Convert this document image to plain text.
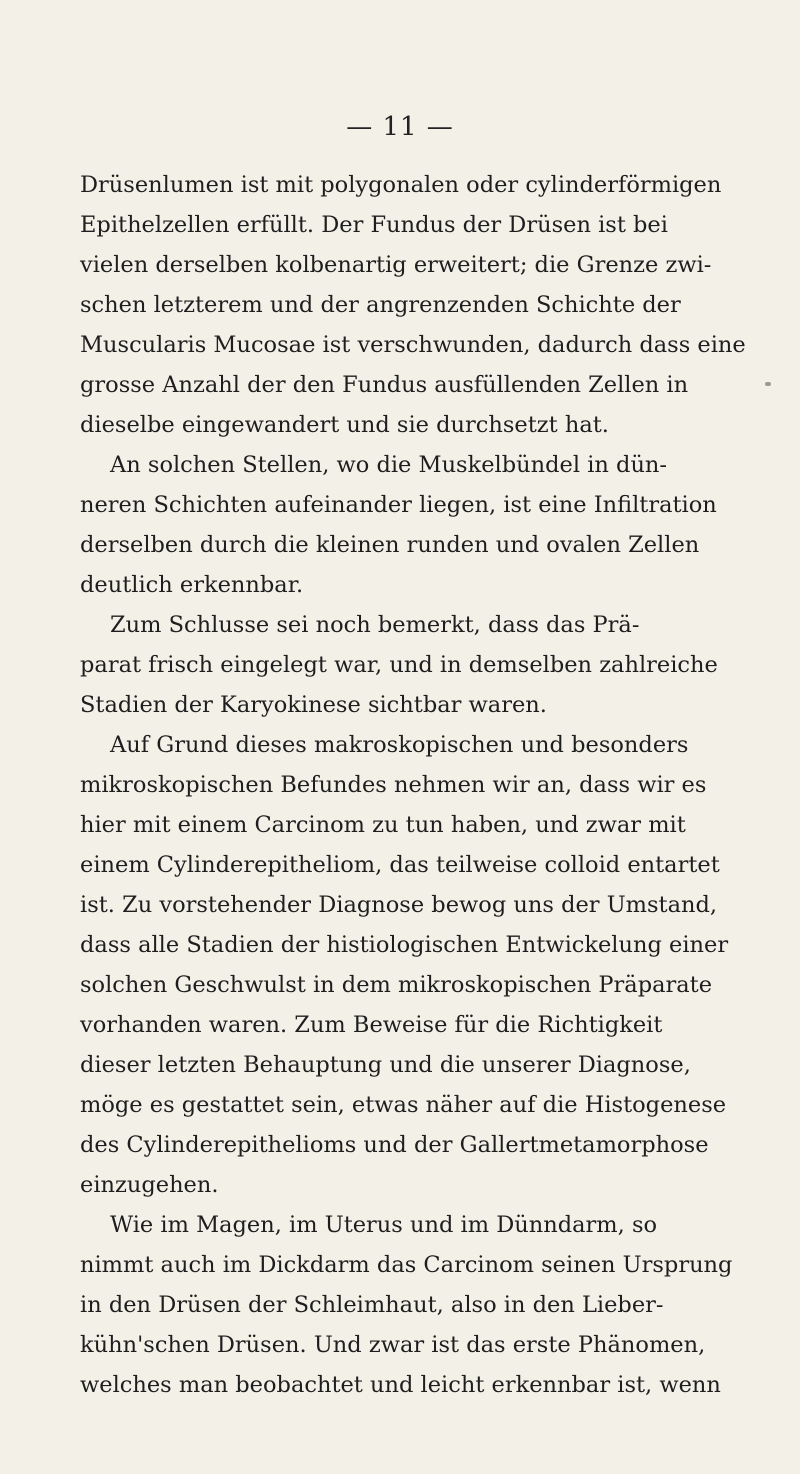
— 11 —
Drüsenlumen ist mit polygonalen oder cylinderförmigen
Epithelzellen erfüllt. Der Fundus der Drüsen ist bei
vielen derselben kolbenartig erweitert; die Grenze zwi-
schen letzterem und der angrenzenden Schichte der
Muscularis Mucosae ist verschwunden, dadurch dass eine
grosse Anzahl der den Fundus ausfüllenden Zellen in
dieselbe eingewandert und sie durchsetzt hat.
An solchen Stellen, wo die Muskelbündel in dün-
neren Schichten aufeinander liegen, ist eine Infiltration
derselben durch die kleinen runden und ovalen Zellen
deutlich erkennbar.
Zum Schlusse sei noch bemerkt, dass das Prä-
parat frisch eingelegt war, und in demselben zahlreiche
Stadien der Karyokinese sichtbar waren.
Auf Grund dieses makroskopischen und besonders
mikroskopischen Befundes nehmen wir an, dass wir es
hier mit einem Carcinom zu tun haben, und zwar mit
einem Cylinderepitheliom, das teilweise colloid entartet
ist. Zu vorstehender Diagnose bewog uns der Umstand,
dass alle Stadien der histiologischen Entwickelung einer
solchen Geschwulst in dem mikroskopischen Präparate
vorhanden waren. Zum Beweise für die Richtigkeit
dieser letzten Behauptung und die unserer Diagnose,
möge es gestattet sein, etwas näher auf die Histogenese
des Cylinderepithelioms und der Gallertmetamorphose
einzugehen.
Wie im Magen, im Uterus und im Dünndarm, so
nimmt auch im Dickdarm das Carcinom seinen Ursprung
in den Drüsen der Schleimhaut, also in den Lieber-
kühn'schen Drüsen. Und zwar ist das erste Phänomen,
welches man beobachtet und leicht erkennbar ist, wenn
